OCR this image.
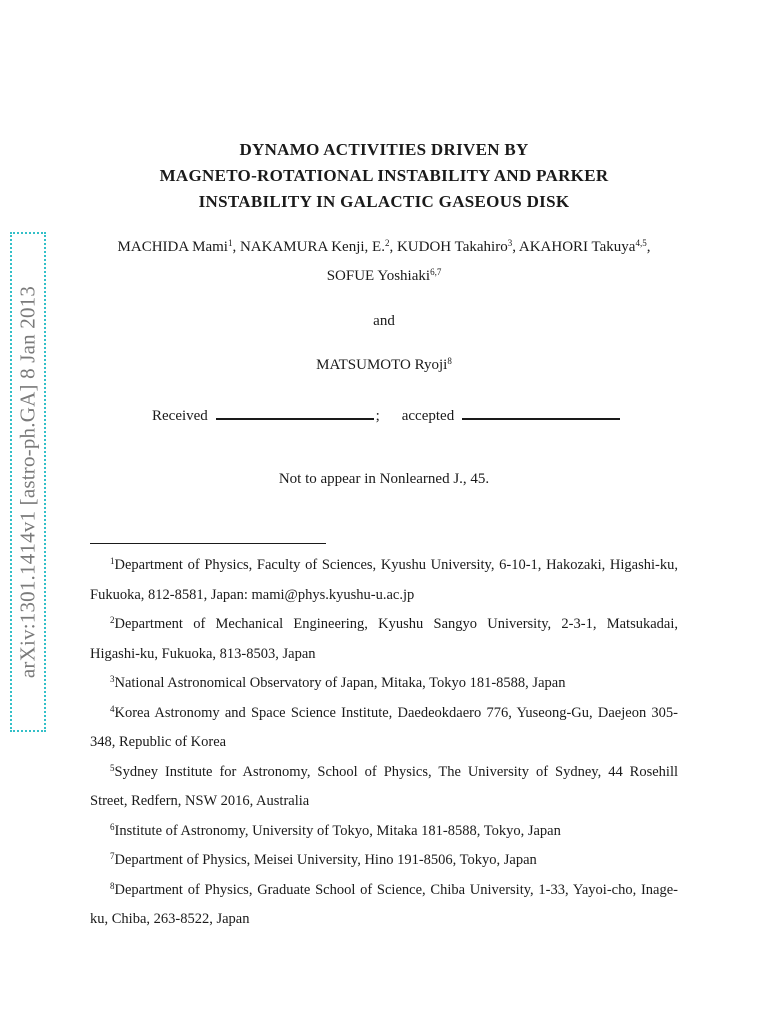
arXiv:1301.1414v1 [astro-ph.GA] 8 Jan 2013
DYNAMO ACTIVITIES DRIVEN BY
MAGNETO-ROTATIONAL INSTABILITY AND PARKER
INSTABILITY IN GALACTIC GASEOUS DISK
MACHIDA Mami$^1$, NAKAMURA Kenji, E.$^2$, KUDOH Takahiro$^3$, AKAHORI Takuya$^{4,5}$,
SOFUE Yoshiaki$^{6,7}$
and
MATSUMOTO Ryoji$^8$
Received	; accepted
Not to appear in Nonlearned J., 45.

$^1$Department of Physics, Faculty of Sciences, Kyushu University, 6-10-1, Hakozaki, Higashi-ku, Fukuoka, 812-8581, Japan: mami@phys.kyushu-u.ac.jp

$^2$Department of Mechanical Engineering, Kyushu Sangyo University, 2-3-1, Matsukadai, Higashi-ku, Fukuoka, 813-8503, Japan

$^3$National Astronomical Observatory of Japan, Mitaka, Tokyo 181-8588, Japan

$^4$Korea Astronomy and Space Science Institute, Daedeokdaero 776, Yuseong-Gu, Daejeon 305-348, Republic of Korea

$^5$Sydney Institute for Astronomy, School of Physics, The University of Sydney, 44 Rosehill Street, Redfern, NSW 2016, Australia

$^6$Institute of Astronomy, University of Tokyo, Mitaka 181-8588, Tokyo, Japan

$^7$Department of Physics, Meisei University, Hino 191-8506, Tokyo, Japan

$^8$Department of Physics, Graduate School of Science, Chiba University, 1-33, Yayoi-cho, Inage-ku, Chiba, 263-8522, Japan
